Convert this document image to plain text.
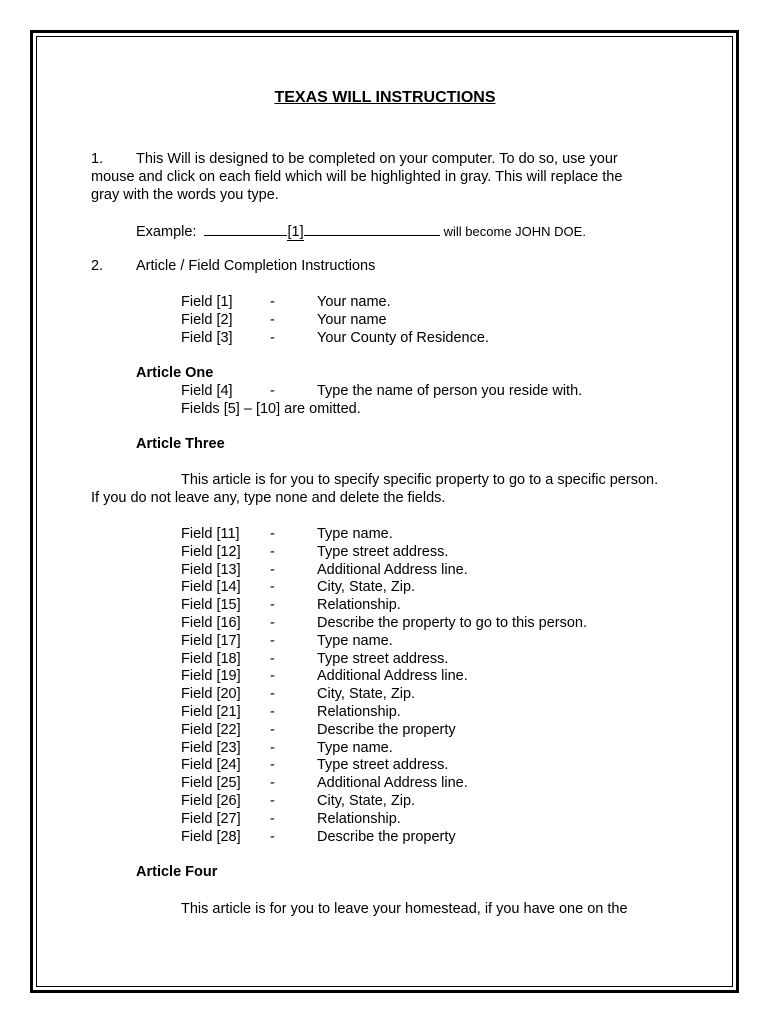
TEXAS WILL INSTRUCTIONS
1. This Will is designed to be completed on your computer. To do so, use your
mouse and click on each field which will be highlighted in gray. This will replace the
gray with the words you type.
Example:	[1]	will become JOHN DOE.
2. Article / Field Completion Instructions
Field [1]	-	Your name.
Field [2]	-	Your name
Field [3]	-	Your County of Residence.
Article One
Field [4]	-	Type the name of person you reside with.
Fields [5] – [10] are omitted.
Article Three
This article is for you to specify specific property to go to a specific person.
If you do not leave any, type none and delete the fields.
Field [11] -	Type name.
Field [12] -	Type street address.
Field [13] -	Additional Address line.
Field [14] -	City, State, Zip.
Field [15] -	Relationship.
Field [16] -	Describe the property to go to this person.
Field [17] -	Type name.
Field [18] -	Type street address.
Field [19] -	Additional Address line.
Field [20] -	City, State, Zip.
Field [21] -	Relationship.
Field [22] -	Describe the property
Field [23] -	Type name.
Field [24] -	Type street address.
Field [25] -	Additional Address line.
Field [26] -	City, State, Zip.
Field [27] -	Relationship.
Field [28] -	Describe the property
Article Four
This article is for you to leave your homestead, if you have one on the
